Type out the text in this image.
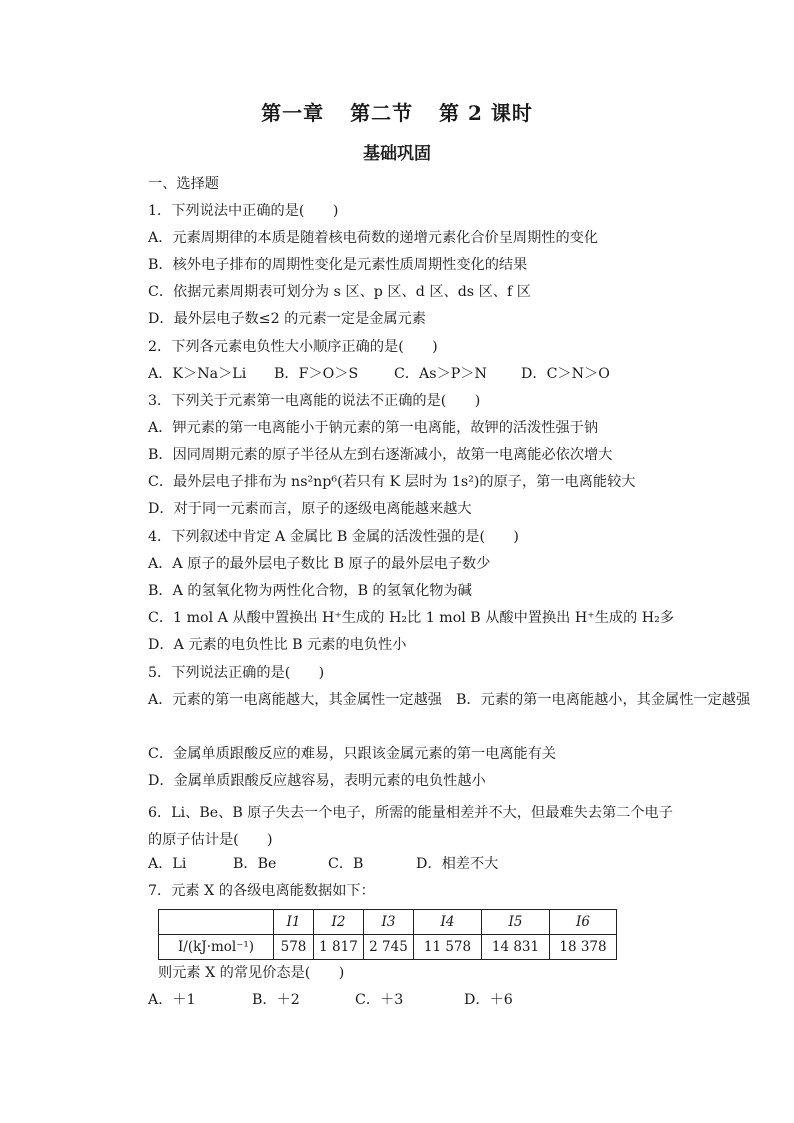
第一章 第二节 第 2 课时
基础巩固
一、选择题
1．下列说法中正确的是(　　)
A．元素周期律的本质是随着核电荷数的递增元素化合价呈周期性的变化
B．核外电子排布的周期性变化是元素性质周期性变化的结果
C．依据元素周期表可划分为 s 区、p 区、d 区、ds 区、f 区
D．最外层电子数≤2 的元素一定是金属元素
2．下列各元素电负性大小顺序正确的是(　　)
A．K＞Na＞Li B．F＞O＞S	C．As＞P＞N D．C＞N＞O
3．下列关于元素第一电离能的说法不正确的是(　　)
A．钾元素的第一电离能小于钠元素的第一电离能，故钾的活泼性强于钠
B．因同周期元素的原子半径从左到右逐渐减小，故第一电离能必依次增大
C．最外层电子排布为 ns²np⁶(若只有 K 层时为 1s²)的原子，第一电离能较大
D．对于同一元素而言，原子的逐级电离能越来越大
4．下列叙述中肯定 A 金属比 B 金属的活泼性强的是(　　)
A．A 原子的最外层电子数比 B 原子的最外层电子数少
B．A 的氢氧化物为两性化合物，B 的氢氧化物为碱
C．1 mol A 从酸中置换出 H⁺生成的 H₂比 1 mol B 从酸中置换出 H⁺生成的 H₂多
D．A 元素的电负性比 B 元素的电负性小
5．下列说法正确的是(　　)
A．元素的第一电离能越大，其金属性一定越强 B．元素的第一电离能越小，其金属性一定越强
C．金属单质跟酸反应的难易，只跟该金属元素的第一电离能有关
D．金属单质跟酸反应越容易，表明元素的电负性越小
6．Li、Be、B 原子失去一个电子，所需的能量相差并不大，但最难失去第二个电子的原子估计是(　　)
A．Li	B．Be	C．B	D．相差不大
7．元素 X 的各级电离能数据如下：
	I1	I2	I3	I4	I5	I6
I/(kJ·mol⁻¹)	578	1 817	2 745	11 578	14 831	18 378
则元素 X 的常见价态是(　　)
A．＋1	B．＋2	C．＋3	D．＋6
